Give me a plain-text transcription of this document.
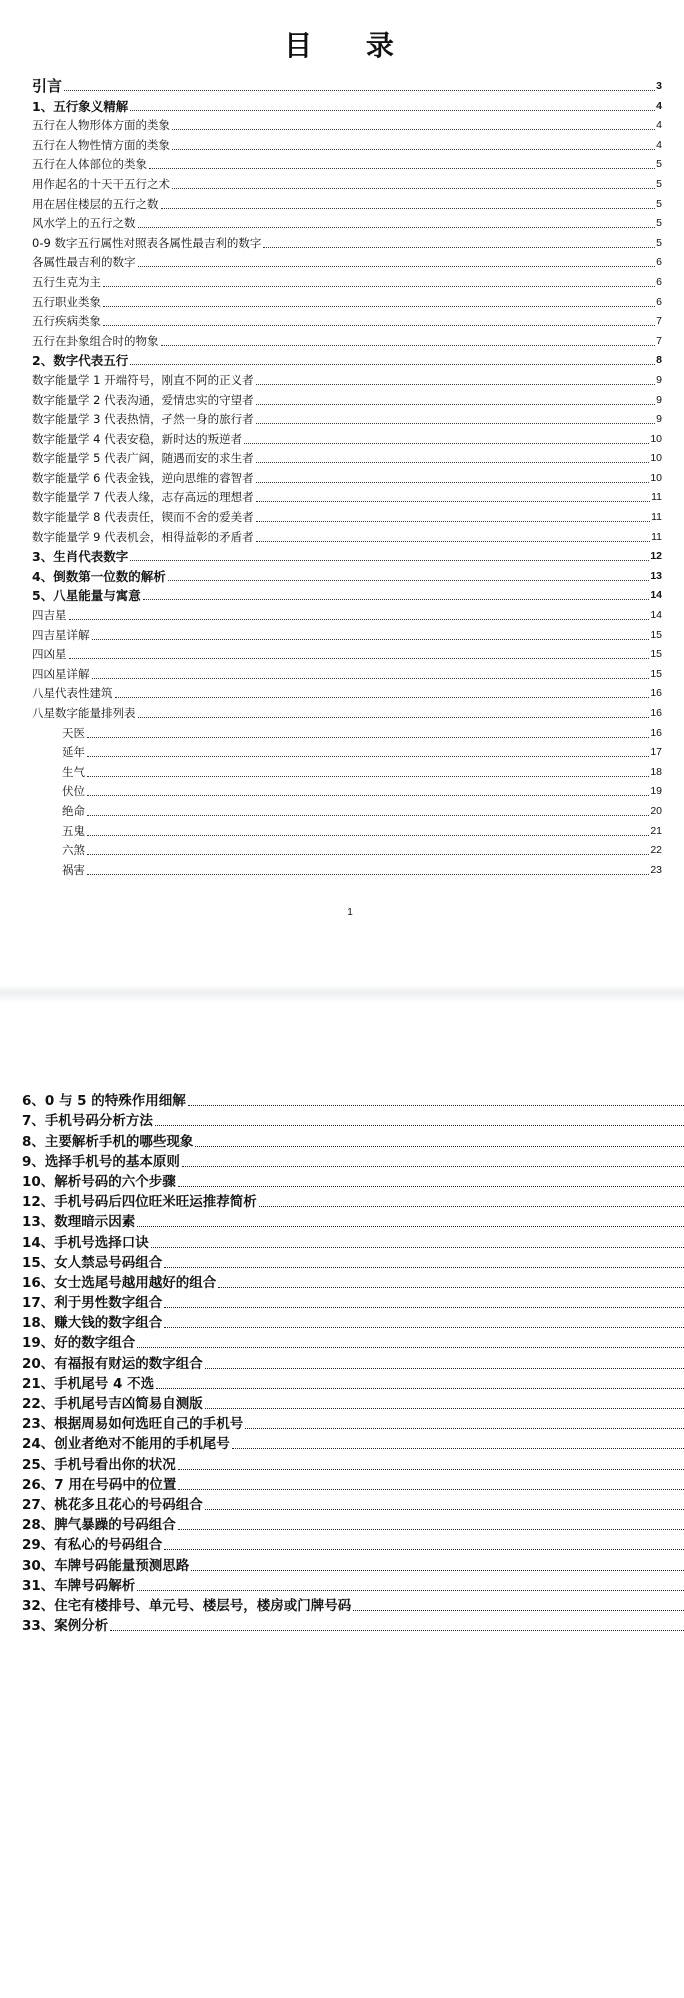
目 录
引言	3
1、五行象义精解	4
五行在人物形体方面的类象	4
五行在人物性情方面的类象	4
五行在人体部位的类象	5
用作起名的十天干五行之术	5
用在居住楼层的五行之数	5
风水学上的五行之数	5
0-9 数字五行属性对照表各属性最吉利的数字	5
各属性最吉利的数字	6
五行生克为主	6
五行职业类象	6
五行疾病类象	7
五行在卦象组合时的物象	7
2、数字代表五行	8
数字能量学 1 开端符号，刚直不阿的正义者	9
数字能量学 2 代表沟通，爱情忠实的守望者	9
数字能量学 3 代表热情，孑然一身的旅行者	9
数字能量学 4 代表安稳，新时达的叛逆者	10
数字能量学 5 代表广阔，随遇而安的求生者	10
数字能量学 6 代表金钱，逆向思维的睿智者	10
数字能量学 7 代表人缘，志存高远的理想者	11
数字能量学 8 代表责任，锲而不舍的爱美者	11
数字能量学 9 代表机会，相得益彰的矛盾者	11
3、生肖代表数字	12
4、倒数第一位数的解析	13
5、八星能量与寓意	14
四吉星	14
四吉星详解	15
四凶星	15
四凶星详解	15
八星代表性建筑	16
八星数字能量排列表	16
天医	16
延年	17
生气	18
伏位	19
绝命	20
五鬼	21
六煞	22
祸害	23
1
6、0 与 5 的特殊作用细解
7、手机号码分析方法
8、主要解析手机的哪些现象
9、选择手机号的基本原则
10、解析号码的六个步骤
12、手机号码后四位旺米旺运推荐简析
13、数理暗示因素
14、手机号选择口诀
15、女人禁忌号码组合
16、女士选尾号越用越好的组合
17、利于男性数字组合
18、赚大钱的数字组合
19、好的数字组合
20、有福报有财运的数字组合
21、手机尾号 4 不选
22、手机尾号吉凶简易自测版
23、根据周易如何选旺自己的手机号
24、创业者绝对不能用的手机尾号
25、手机号看出你的状况
26、7 用在号码中的位置
27、桃花多且花心的号码组合
28、脾气暴躁的号码组合
29、有私心的号码组合
30、车牌号码能量预测思路
31、车牌号码解析
32、住宅有楼排号、单元号、楼层号，楼房或门牌号码
33、案例分析
